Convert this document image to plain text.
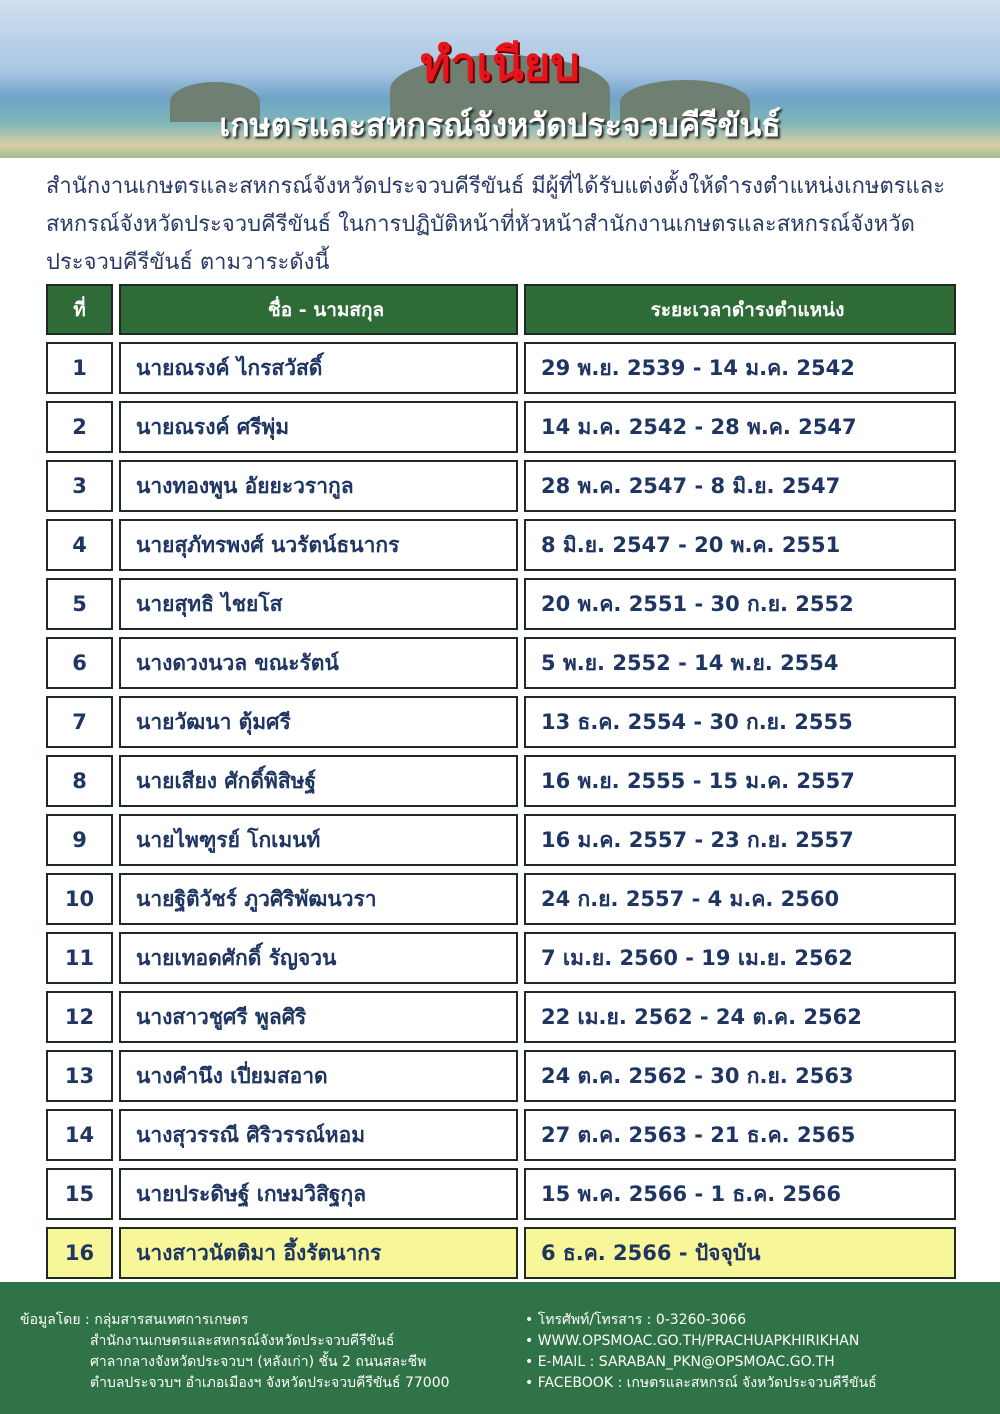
ทำเนียบ
เกษตรและสหกรณ์จังหวัดประจวบคีรีขันธ์
สำนักงานเกษตรและสหกรณ์จังหวัดประจวบคีรีขันธ์ มีผู้ที่ได้รับแต่งตั้งให้ดำรงตำแหน่งเกษตรและสหกรณ์จังหวัดประจวบคีรีขันธ์ ในการปฏิบัติหน้าที่หัวหน้าสำนักงานเกษตรและสหกรณ์จังหวัดประจวบคีรีขันธ์ ตามวาระดังนี้
ที่	ชื่อ - นามสกุล	ระยะเวลาดำรงตำแหน่ง
1	นายณรงค์ ไกรสวัสดิ์	29 พ.ย. 2539 - 14 ม.ค. 2542
2	นายณรงค์ ศรีพุ่ม	14 ม.ค. 2542 - 28 พ.ค. 2547
3	นางทองพูน อัยยะวรากูล	28 พ.ค. 2547 - 8 มิ.ย. 2547
4	นายสุภัทรพงศ์ นวรัตน์ธนากร	8 มิ.ย. 2547 - 20 พ.ค. 2551
5	นายสุทธิ ไชยโส	20 พ.ค. 2551 - 30 ก.ย. 2552
6	นางดวงนวล ขณะรัตน์	5 พ.ย. 2552 - 14 พ.ย. 2554
7	นายวัฒนา ตุ้มศรี	13 ธ.ค. 2554 - 30 ก.ย. 2555
8	นายเสียง ศักดิ์พิสิษฐ์	16 พ.ย. 2555 - 15 ม.ค. 2557
9	นายไพฑูรย์ โกเมนท์	16 ม.ค. 2557 - 23 ก.ย. 2557
10	นายฐิติวัชร์ ภูวศิริพัฒนวรา	24 ก.ย. 2557 - 4 ม.ค. 2560
11	นายเทอดศักดิ์ รัญจวน	7 เม.ย. 2560 - 19 เม.ย. 2562
12	นางสาวชูศรี พูลศิริ	22 เม.ย. 2562 - 24 ต.ค. 2562
13	นางคำนึง เปี่ยมสอาด	24 ต.ค. 2562 - 30 ก.ย. 2563
14	นางสุวรรณี ศิริวรรณ์หอม	27 ต.ค. 2563 - 21 ธ.ค. 2565
15	นายประดิษฐ์ เกษมวิสิฐกุล	15 พ.ค. 2566 - 1 ธ.ค. 2566
16	นางสาวนัตติมา อึ้งรัตนากร	6 ธ.ค. 2566 - ปัจจุบัน
ข้อมูลโดย : กลุ่มสารสนเทศการเกษตร
สำนักงานเกษตรและสหกรณ์จังหวัดประจวบคีรีขันธ์
ศาลากลางจังหวัดประจวบฯ (หลังเก่า) ชั้น 2 ถนนสละชีพ
ตำบลประจวบฯ อำเภอเมืองฯ จังหวัดประจวบคีรีขันธ์ 77000
• โทรศัพท์/โทรสาร : 0-3260-3066
• WWW.OPSMOAC.GO.TH/PRACHUAPKHIRIKHAN
• E-MAIL : SARABAN_PKN@OPSMOAC.GO.TH
• FACEBOOK : เกษตรและสหกรณ์ จังหวัดประจวบคีรีขันธ์
